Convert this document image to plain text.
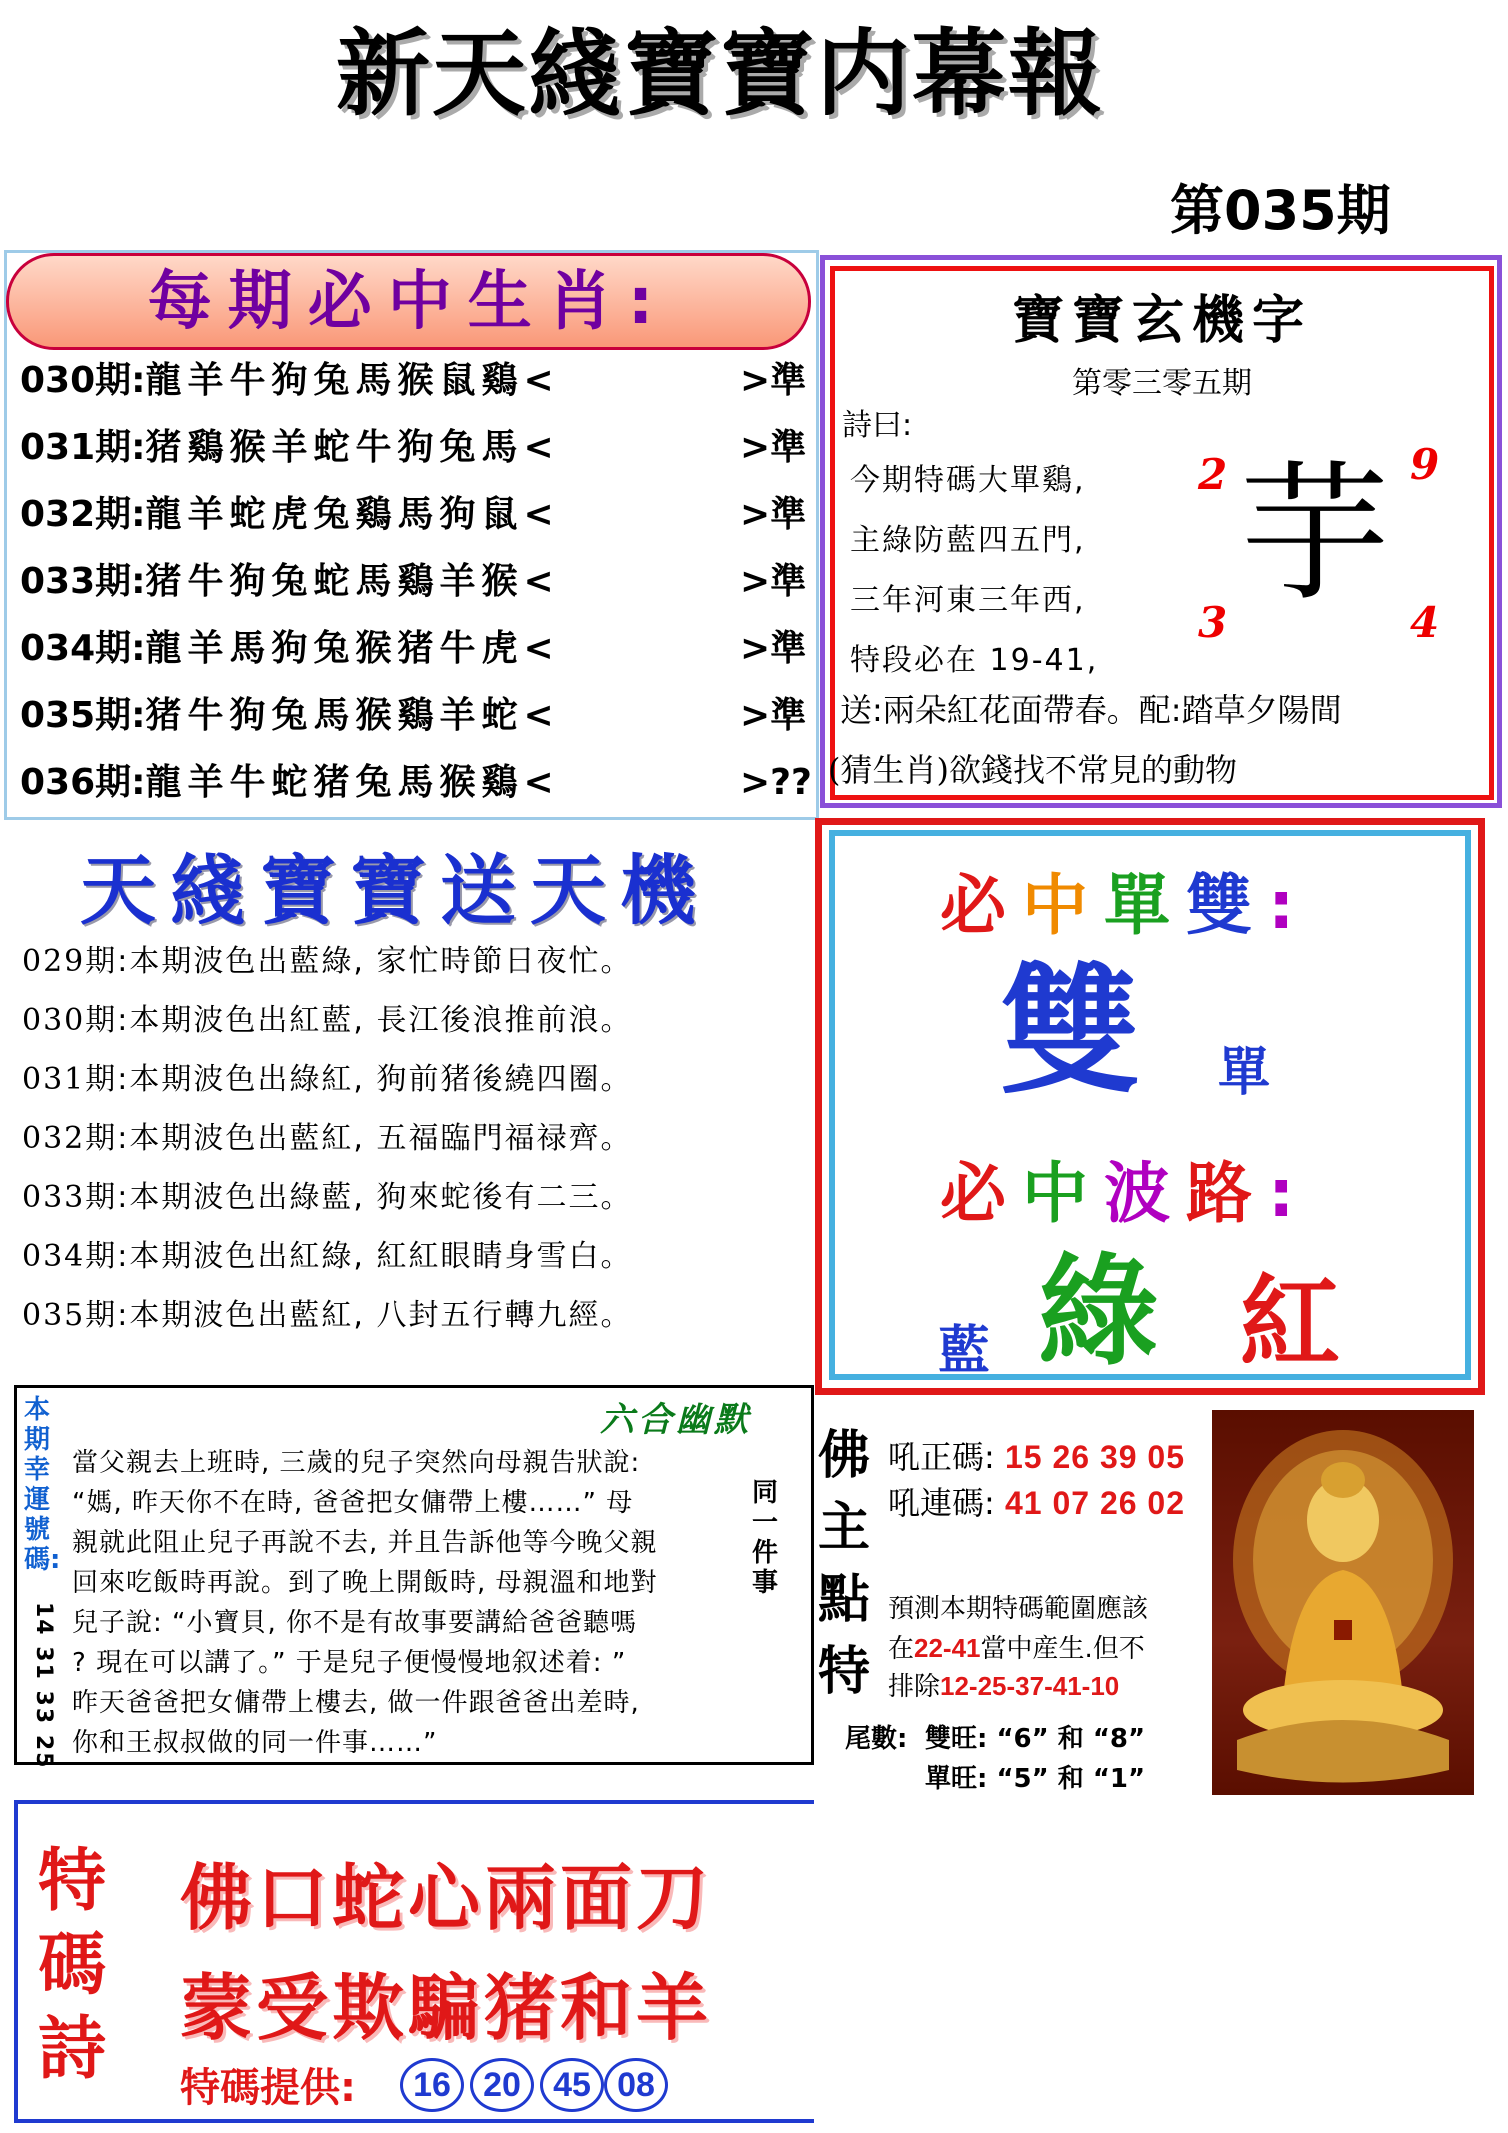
新天綫寶寶内幕報
第035期
每期必中生肖:
030期:龍羊牛狗兔馬猴鼠鷄<	>準
031期:猪鷄猴羊蛇牛狗兔馬<	>準
032期:龍羊蛇虎兔鷄馬狗鼠<	>準
033期:猪牛狗兔蛇馬鷄羊猴<	>準
034期:龍羊馬狗兔猴猪牛虎<	>準
035期:猪牛狗兔馬猴鷄羊蛇<	>準
036期:龍羊牛蛇猪兔馬猴鷄<	>??
寶寶玄機字
第零三零五期
詩曰:
今期特碼大單鷄,
主綠防藍四五門,
三年河東三年西,
特段必在 19-41,
芋
2	9
3	4
送:兩朵紅花面帶春。配:踏草夕陽間
(猜生肖)欲錢找不常見的動物
天綫寶寶送天機
029期:本期波色出藍綠, 家忙時節日夜忙。
030期:本期波色出紅藍, 長江後浪推前浪。
031期:本期波色出綠紅, 狗前猪後繞四圈。
032期:本期波色出藍紅, 五福臨門福禄齊。
033期:本期波色出綠藍, 狗來蛇後有二三。
034期:本期波色出紅綠, 紅紅眼睛身雪白。
035期:本期波色出藍紅, 八封五行轉九經。
必中單雙:
雙 單
必中波路:
藍 綠 紅
六合幽默
本期幸運號碼:
14 31 33 25
同一件事
當父親去上班時, 三歲的兒子突然向母親告狀說:
“媽, 昨天你不在時, 爸爸把女傭帶上樓……” 母
親就此阻止兒子再說不去, 并且告訴他等今晚父親
回來吃飯時再說。到了晚上開飯時, 母親溫和地對
兒子說: “小寶貝, 你不是有故事要講給爸爸聽嗎
? 現在可以講了。” 于是兒子便慢慢地叙述着: ”
昨天爸爸把女傭帶上樓去, 做一件跟爸爸出差時,
你和王叔叔做的同一件事……”
佛主點特
吼正碼: 15 26 39 05
吼連碼: 41 07 26 02
預測本期特碼範圍應該
在22-41當中産生.但不
排除12-25-37-41-10
尾數: 雙旺: “6” 和 “8”
單旺: “5” 和 “1”
特碼詩
佛口蛇心兩面刀
蒙受欺騙猪和羊
特碼提供:	16 20 45 08
